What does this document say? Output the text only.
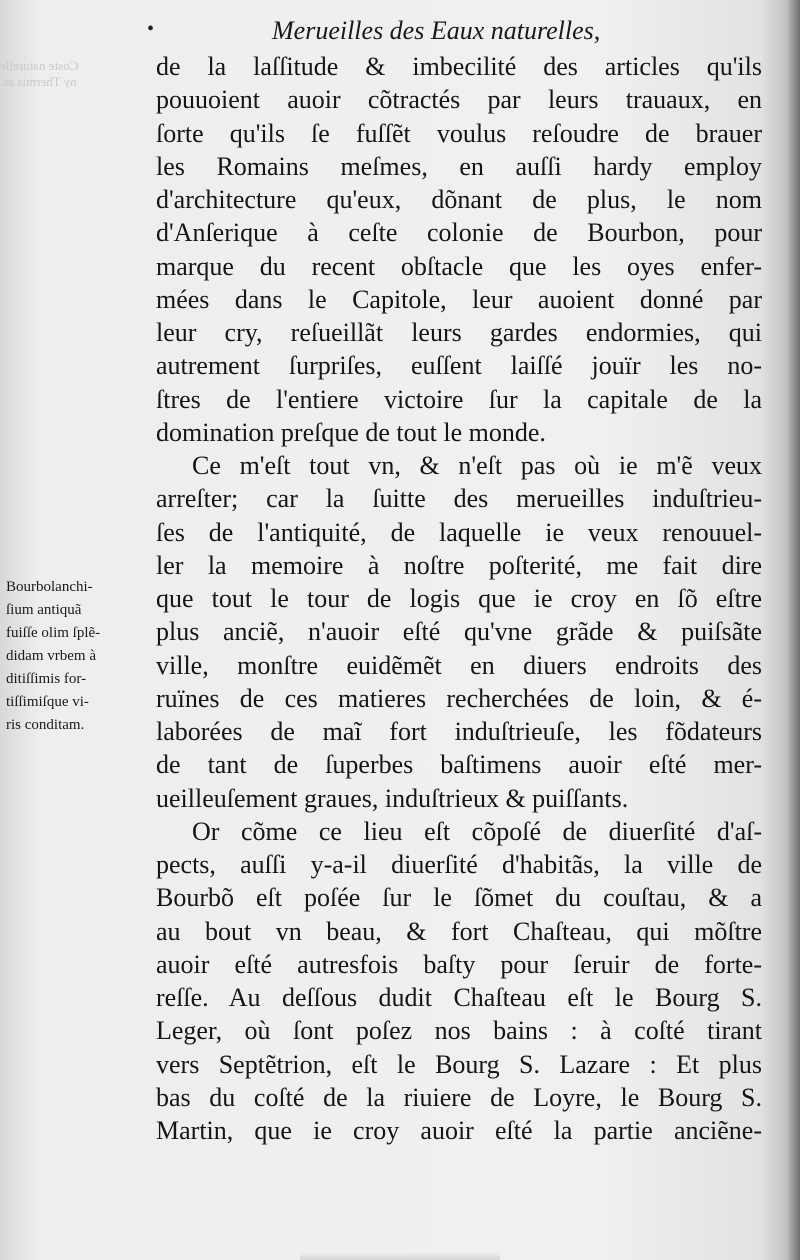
Coste naturelle
ny Thermis as.
•	Merueilles des Eaux naturelles,
de la laſſitude & imbecilité des articles qu'ils
pouuoient auoir cõtractés par leurs trauaux, en
ſorte qu'ils ſe fuſſẽt voulus reſoudre de brauer
les Romains meſmes, en auſſi hardy employ
d'architecture qu'eux, dõnant de plus, le nom
d'Anſerique à ceſte colonie de Bourbon, pour
marque du recent obſtacle que les oyes enfer-
mées dans le Capitole, leur auoient donné par
leur cry, reſueillãt leurs gardes endormies, qui
autrement ſurpriſes, euſſent laiſſé jouïr les no-
ſtres de l'entiere victoire ſur la capitale de la
domination preſque de tout le monde.
Ce m'eſt tout vn, & n'eſt pas où ie m'ẽ veux
arreſter; car la ſuitte des merueilles induſtrieu-
ſes de l'antiquité, de laquelle ie veux renouuel-
ler la memoire à noſtre poſterité, me fait dire
que tout le tour de logis que ie croy en ſõ eſtre
plus anciẽ, n'auoir eſté qu'vne grãde & puiſsãte
ville, monſtre euidẽmẽt en diuers endroits des
ruïnes de ces matieres recherchées de loin, & é-
laborées de maĩ fort induſtrieuſe, les fõdateurs
de tant de ſuperbes baſtimens auoir eſté mer-
ueilleuſement graues, induſtrieux & puiſſants.
Or cõme ce lieu eſt cõpoſé de diuerſité d'aſ-
pects, auſſi y-a-il diuerſité d'habitãs, la ville de
Bourbõ eſt poſée ſur le ſõmet du couſtau, & a
au bout vn beau, & fort Chaſteau, qui mõſtre
auoir eſté autresfois baſty pour ſeruir de forte-
reſſe. Au deſſous dudit Chaſteau eſt le Bourg S.
Leger, où ſont poſez nos bains : à coſté tirant
vers Septẽtrion, eſt le Bourg S. Lazare : Et plus
bas du coſté de la riuiere de Loyre, le Bourg S.
Martin, que ie croy auoir eſté la partie anciẽne-
Bourbolanchi-
ſium antiquã
fuiſſe olim ſplẽ-
didam vrbem à
ditiſſimis for-
tiſſimiſque vi-
ris conditam.
